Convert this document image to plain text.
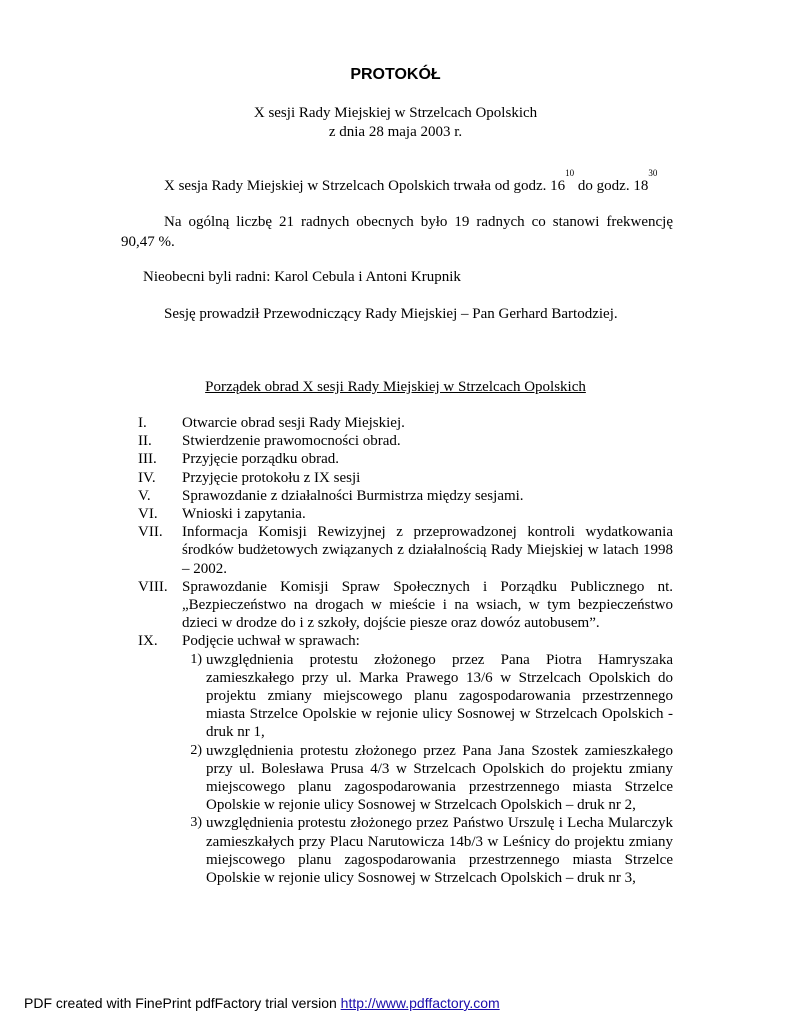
PROTOKÓŁ
X sesji Rady Miejskiej w Strzelcach Opolskich
z dnia 28 maja 2003 r.
X sesja Rady Miejskiej w Strzelcach Opolskich trwała od godz. $16^{10}$ do godz. $18^{30}$
Na ogólną liczbę 21 radnych obecnych było 19 radnych co stanowi frekwencję 90,47 %.
Nieobecni byli radni: Karol Cebula i Antoni Krupnik
Sesję prowadził Przewodniczący Rady Miejskiej – Pan Gerhard Bartodziej.
Porządek obrad X sesji Rady Miejskiej w Strzelcach Opolskich
I.	Otwarcie obrad sesji Rady Miejskiej.
II.	Stwierdzenie prawomocności obrad.
III.	Przyjęcie porządku obrad.
IV.	Przyjęcie protokołu z IX sesji
V.	Sprawozdanie z działalności Burmistrza między sesjami.
VI.	Wnioski i zapytania.
VII.	Informacja Komisji Rewizyjnej z przeprowadzonej kontroli wydatkowania środków budżetowych związanych z działalnością Rady Miejskiej w latach 1998 – 2002.
VIII. Sprawozdanie Komisji Spraw Społecznych i Porządku Publicznego nt. „Bezpieczeństwo na drogach w mieście i na wsiach, w tym bezpieczeństwo dzieci w drodze do i z szkoły, dojście piesze oraz dowóz autobusem”.
IX.	Podjęcie uchwał w sprawach:
1) uwzględnienia protestu złożonego przez Pana Piotra Hamryszaka zamieszkałego przy ul. Marka Prawego 13/6 w Strzelcach Opolskich do projektu zmiany miejscowego planu zagospodarowania przestrzennego miasta Strzelce Opolskie w rejonie ulicy Sosnowej w Strzelcach Opolskich - druk nr 1,
2) uwzględnienia protestu złożonego przez Pana Jana Szostek zamieszkałego przy ul. Bolesława Prusa 4/3 w Strzelcach Opolskich do projektu zmiany miejscowego planu zagospodarowania przestrzennego miasta Strzelce Opolskie w rejonie ulicy Sosnowej w Strzelcach Opolskich – druk nr 2,
3) uwzględnienia protestu złożonego przez Państwo Urszulę i Lecha Mularczyk zamieszkałych przy Placu Narutowicza 14b/3 w Leśnicy do projektu zmiany miejscowego planu zagospodarowania przestrzennego miasta Strzelce Opolskie w rejonie ulicy Sosnowej w Strzelcach Opolskich – druk nr 3,
PDF created with FinePrint pdfFactory trial version http://www.pdffactory.com
